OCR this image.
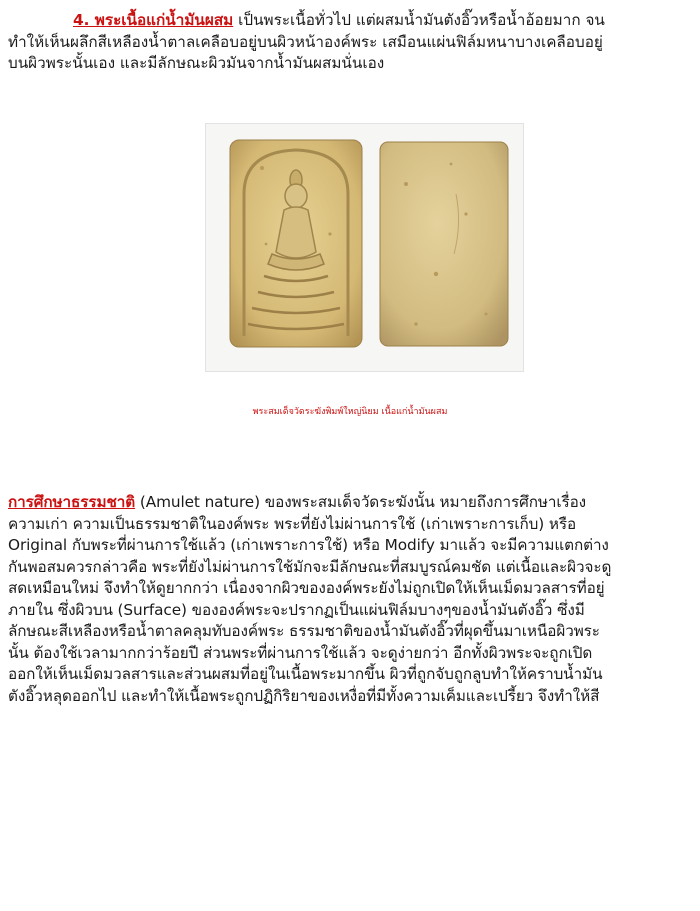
4. พระเนื้อแก่น้ำมันผสม เป็นพระเนื้อทั่วไป แต่ผสมน้ำมันตังอิ๊วหรือน้ำอ้อยมาก จน

ทำให้เห็นผลึกสีเหลืองน้ำตาลเคลือบอยู่บนผิวหน้าองค์พระ เสมือนแผ่นฟิล์มหนาบางเคลือบอยู่
บนผิวพระนั้นเอง และมีลักษณะผิวมันจากน้ำมันผสมนั่นเอง
พระสมเด็จวัดระฆังพิมพ์ใหญ่นิยม เนื้อแก่น้ำมันผสม
การศึกษาธรรมชาติ (Amulet nature) ของพระสมเด็จวัดระฆังนั้น หมายถึงการศึกษาเรื่อง
ความเก่า ความเป็นธรรมชาติในองค์พระ พระที่ยังไม่ผ่านการใช้ (เก่าเพราะการเก็บ) หรือ
Original กับพระที่ผ่านการใช้แล้ว (เก่าเพราะการใช้) หรือ Modify มาแล้ว จะมีความแตกต่าง
กันพอสมควรกล่าวคือ พระที่ยังไม่ผ่านการใช้มักจะมีลักษณะที่สมบูรณ์คมชัด แต่เนื้อและผิวจะดู
สดเหมือนใหม่ จึงทำให้ดูยากกว่า เนื่องจากผิวขององค์พระยังไม่ถูกเปิดให้เห็นเม็ดมวลสารที่อยู่
ภายใน ซึ่งผิวบน (Surface) ขององค์พระจะปรากฏเป็นแผ่นฟิล์มบางๆของน้ำมันตังอิ๊ว ซึ่งมี
ลักษณะสีเหลืองหรือน้ำตาลคลุมทับองค์พระ ธรรมชาติของน้ำมันตังอิ๊วที่ผุดขึ้นมาเหนือผิวพระ
นั้น ต้องใช้เวลามากกว่าร้อยปี ส่วนพระที่ผ่านการใช้แล้ว จะดูง่ายกว่า อีกทั้งผิวพระจะถูกเปิด
ออกให้เห็นเม็ดมวลสารและส่วนผสมที่อยู่ในเนื้อพระมากขึ้น ผิวที่ถูกจับถูกลูบทำให้คราบน้ำมัน
ตังอิ๊วหลุดออกไป และทำให้เนื้อพระถูกปฏิกิริยาของเหงื่อที่มีทั้งความเค็มและเปรี้ยว จึงทำให้สี
